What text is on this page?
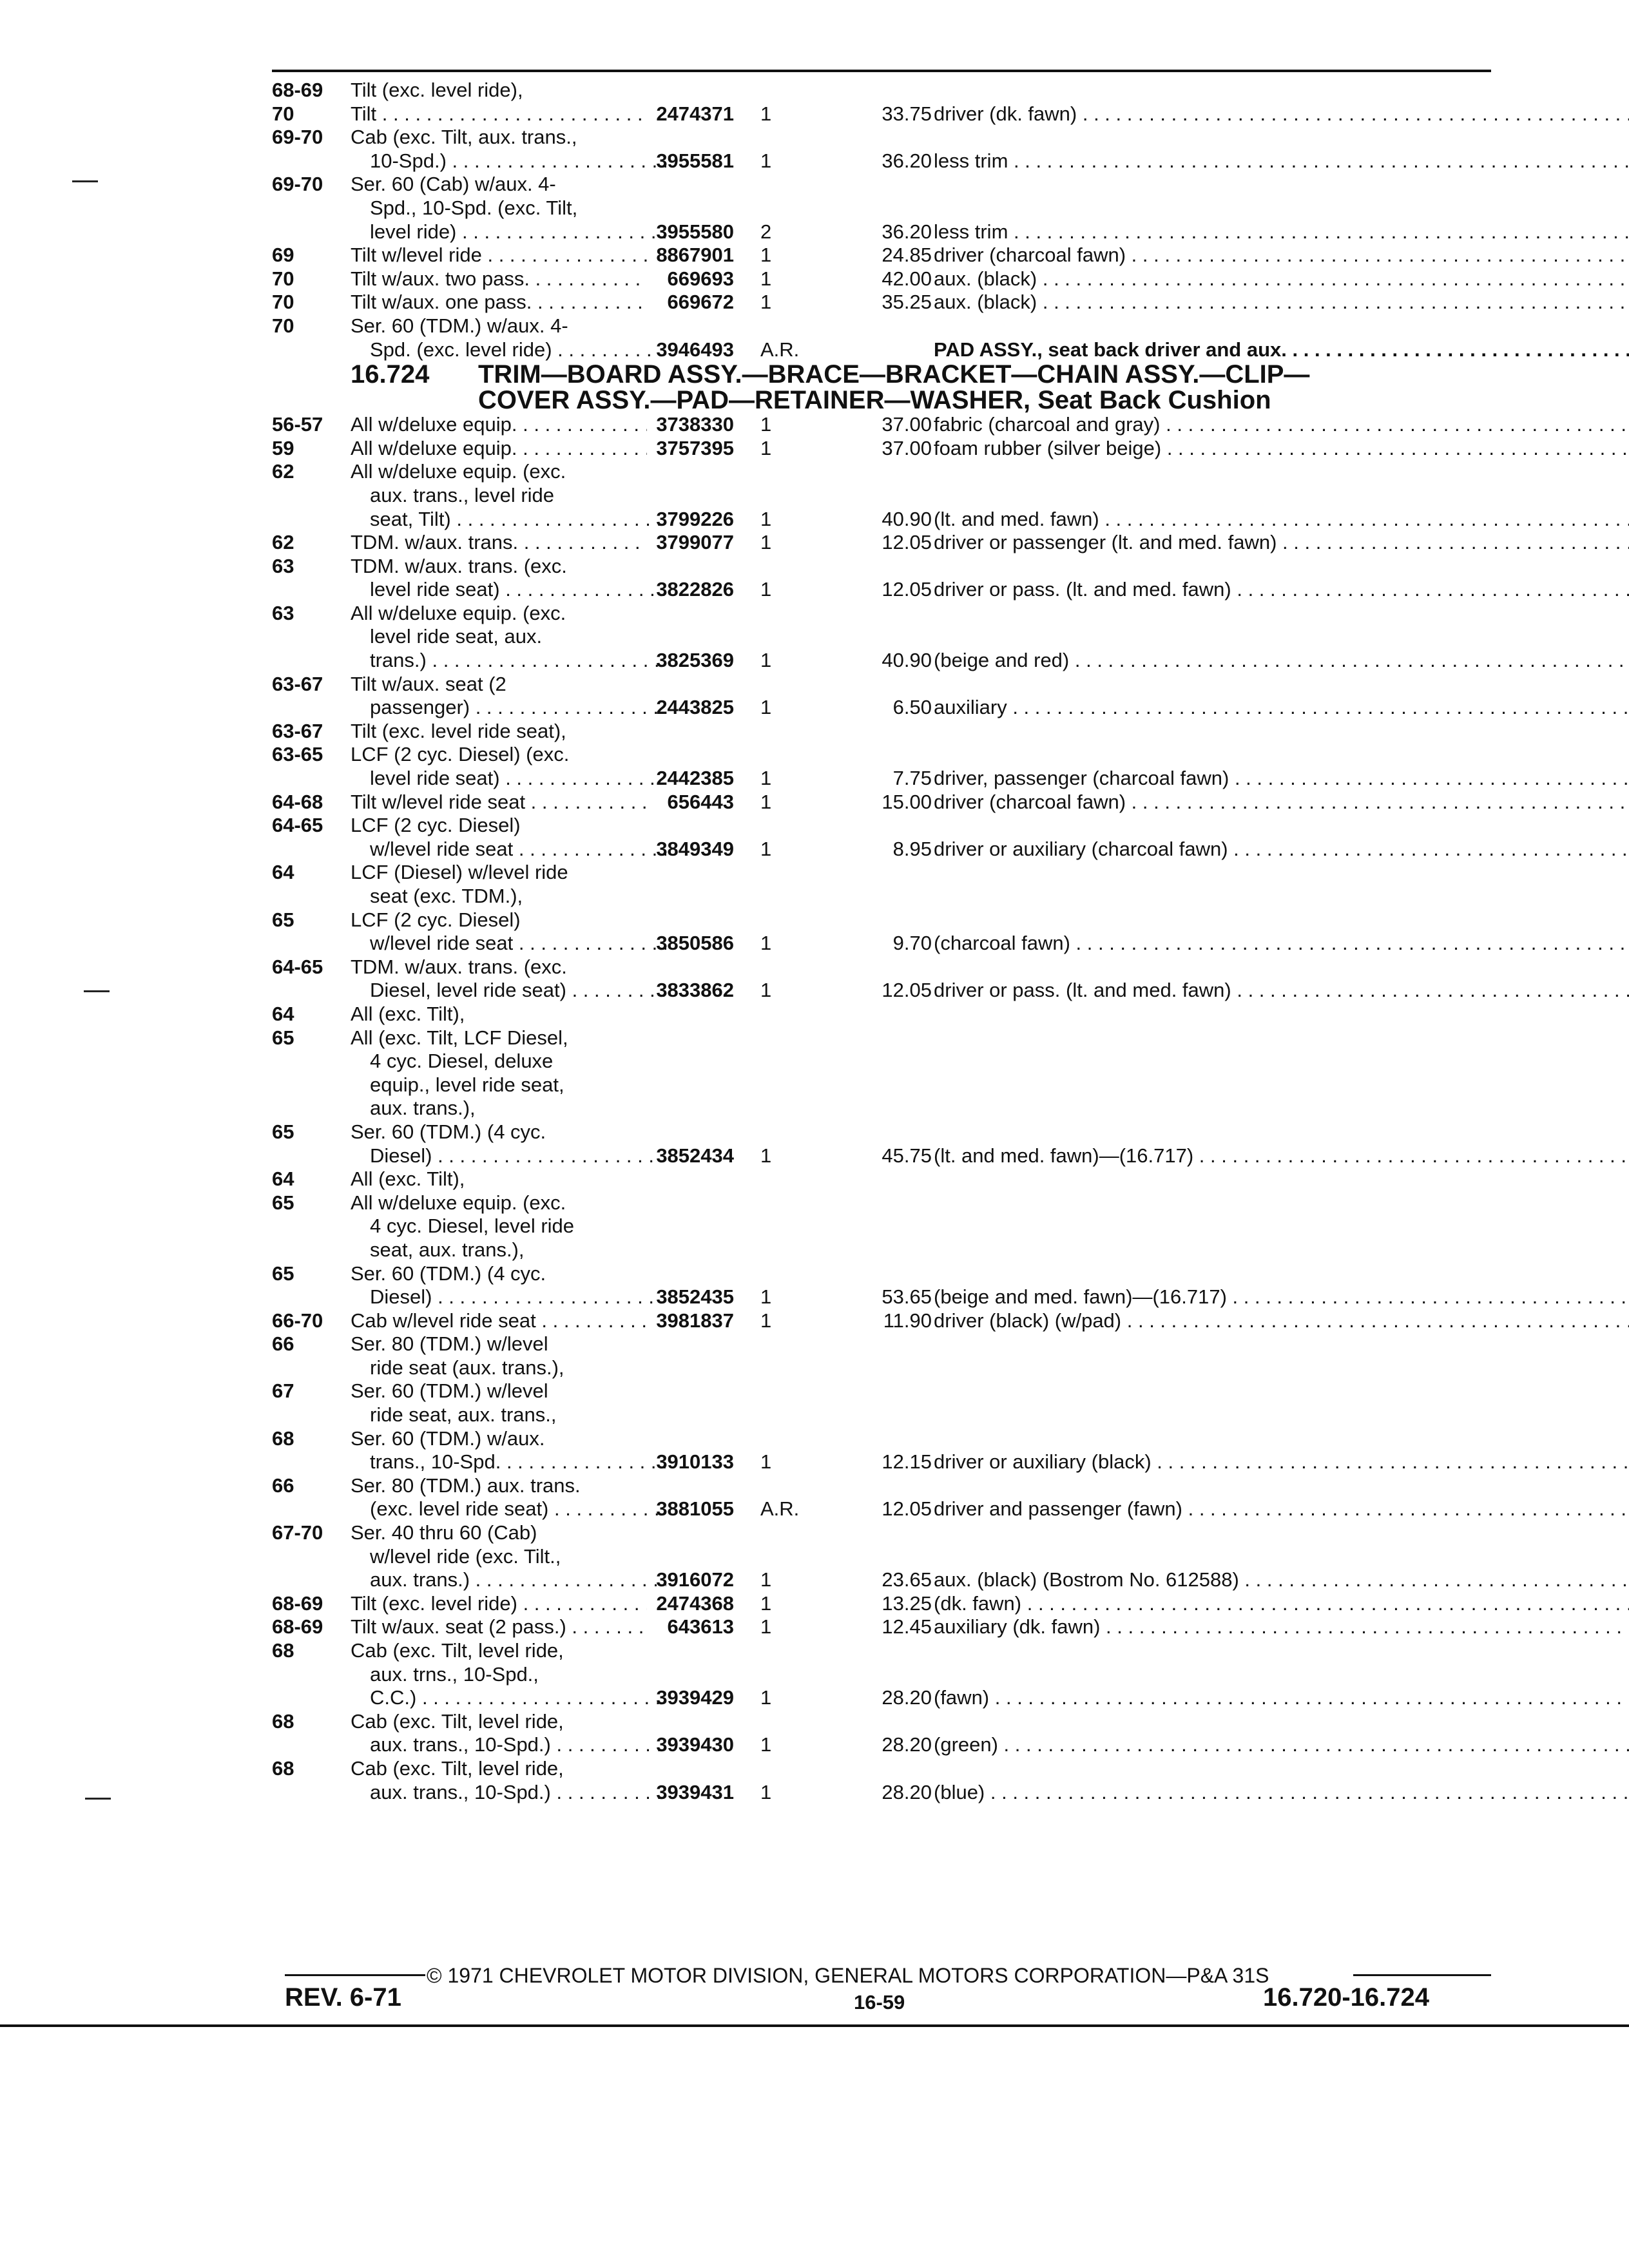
68-69 Tilt (exc. level ride),
70	Tilt . . .	2474371 1	33.75 driver (dk. fawn) . . .
69-70 Cab (exc. Tilt, aux. trans.,
10-Spd.) . . .	3955581 1	36.20 less trim . . .
69-70 Ser. 60 (Cab) w/aux. 4-
Spd., 10-Spd. (exc. Tilt,
level ride) . . .	3955580 2	36.20 less trim . . .
69	Tilt w/level ride . . .	8867901 1	24.85 driver (charcoal fawn) . . .
70	Tilt w/aux. two pass. . . .	669693 1	42.00 aux. (black) . . .
70	Tilt w/aux. one pass. . . .	669672 1	35.25 aux. (black) . . .
70	Ser. 60 (TDM.) w/aux. 4-
Spd. (exc. level ride) . . .	3946493 A.R.	PAD ASSY., seat back driver and aux. . . .
16.724 TRIM—BOARD ASSY.—BRACE—BRACKET—CHAIN ASSY.—CLIP—
COVER ASSY.—PAD—RETAINER—WASHER, Seat Back Cushion
56-57 All w/deluxe equip. . . .	3738330 1	37.00 fabric (charcoal and gray) . . .
59	All w/deluxe equip. . . .	3757395 1	37.00 foam rubber (silver beige) . . .
62	All w/deluxe equip. (exc.
aux. trans., level ride
seat, Tilt) . . .	3799226 1	40.90 (lt. and med. fawn) . . .
62	TDM. w/aux. trans. . . .	3799077 1	12.05 driver or passenger (lt. and med. fawn) . . .
63	TDM. w/aux. trans. (exc.
level ride seat) . . .	3822826 1	12.05 driver or pass. (lt. and med. fawn) . . .
63	All w/deluxe equip. (exc.
level ride seat, aux.
trans.) . . .	3825369 1	40.90 (beige and red) . . .
63-67 Tilt w/aux. seat (2
passenger) . . .	2443825 1	6.50 auxiliary . . .
63-67 Tilt (exc. level ride seat),
63-65 LCF (2 cyc. Diesel) (exc.
level ride seat) . . .	2442385 1	7.75 driver, passenger (charcoal fawn) . . .
64-68 Tilt w/level ride seat . . .	656443 1	15.00 driver (charcoal fawn) . . .
64-65 LCF (2 cyc. Diesel)
w/level ride seat . . .	3849349 1	8.95 driver or auxiliary (charcoal fawn) . . .
64	LCF (Diesel) w/level ride
seat (exc. TDM.),
65	LCF (2 cyc. Diesel)
w/level ride seat . . .	3850586 1	9.70 (charcoal fawn) . . .
64-65 TDM. w/aux. trans. (exc.
Diesel, level ride seat) . . .	3833862 1	12.05 driver or pass. (lt. and med. fawn) . . .
64	All (exc. Tilt),
65	All (exc. Tilt, LCF Diesel,
4 cyc. Diesel, deluxe
equip., level ride seat,
aux. trans.),
65	Ser. 60 (TDM.) (4 cyc.
Diesel) . . .	3852434 1	45.75 (lt. and med. fawn)—(16.717) . . .
64	All (exc. Tilt),
65	All w/deluxe equip. (exc.
4 cyc. Diesel, level ride
seat, aux. trans.),
65	Ser. 60 (TDM.) (4 cyc.
Diesel) . . .	3852435 1	53.65 (beige and med. fawn)—(16.717) . . .
66-70 Cab w/level ride seat . . .	3981837 1	11.90 driver (black) (w/pad) . . .
66	Ser. 80 (TDM.) w/level
ride seat (aux. trans.),
67	Ser. 60 (TDM.) w/level
ride seat, aux. trans.,
68	Ser. 60 (TDM.) w/aux.
trans., 10-Spd. . . .	3910133 1	12.15 driver or auxiliary (black) . . .
66	Ser. 80 (TDM.) aux. trans.
(exc. level ride seat) . . .	3881055 A.R.	12.05 driver and passenger (fawn) . . .
67-70 Ser. 40 thru 60 (Cab)
w/level ride (exc. Tilt.,
aux. trans.) . . .	3916072 1	23.65 aux. (black) (Bostrom No. 612588) . . .
68-69 Tilt (exc. level ride) . . .	2474368 1	13.25 (dk. fawn) . . .
68-69 Tilt w/aux. seat (2 pass.) . . .	643613 1	12.45 auxiliary (dk. fawn) . . .
68	Cab (exc. Tilt, level ride,
aux. trns., 10-Spd.,
C.C.) . . .	3939429 1	28.20 (fawn) . . .
68	Cab (exc. Tilt, level ride,
aux. trans., 10-Spd.) . . .	3939430 1	28.20 (green) . . .
68	Cab (exc. Tilt, level ride,
aux. trans., 10-Spd.) . . .	3939431 1	28.20 (blue) . . .
© 1971 CHEVROLET MOTOR DIVISION, GENERAL MOTORS CORPORATION—P&A 31S
REV. 6-71	16-59	16.720-16.724
